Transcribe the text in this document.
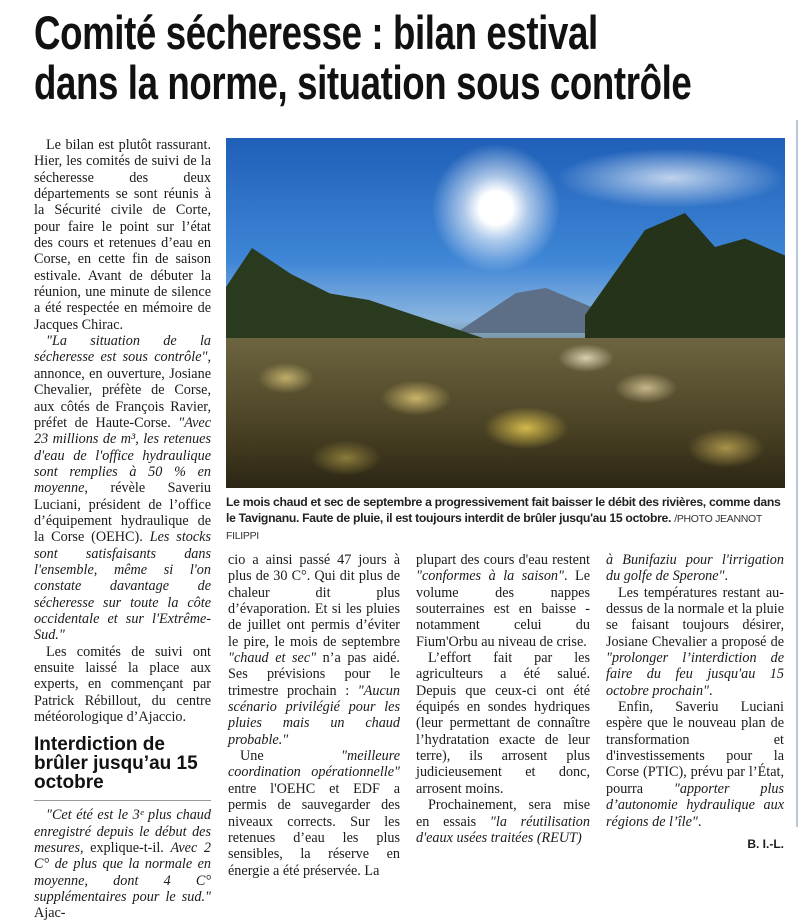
Comité sécheresse : bilan estival
dans la norme, situation sous contrôle

Le bilan est plutôt rassurant. Hier, les comités de suivi de la sécheresse des deux départements se sont réunis à la Sécurité civile de Corte, pour faire le point sur l’état des cours et retenues d’eau en Corse, en cette fin de saison estivale. Avant de débuter la réunion, une minute de silence a été respectée en mémoire de Jacques Chirac.

"La situation de la sécheresse est sous contrôle", annonce, en ouverture, Josiane Chevalier, préfète de Corse, aux côtés de François Ravier, préfet de Haute-Corse. "Avec 23 millions de m³, les retenues d'eau de l'office hydraulique sont remplies à 50 % en moyenne, révèle Saveriu Luciani, président de l’office d’équipement hydraulique de la Corse (OEHC). Les stocks sont satisfaisants dans l'ensemble, même si l'on constate davantage de sécheresse sur toute la côte occidentale et sur l'Extrême-Sud."

Les comités de suivi ont ensuite laissé la place aux experts, en commençant par Patrick Rébillout, du centre météorologique d’Ajaccio.

Interdiction de brûler jusqu’au 15 octobre

"Cet été est le 3ᵉ plus chaud enregistré depuis le début des mesures, explique-t-il. Avec 2 C° de plus que la normale en moyenne, dont 4 C° supplémentaires pour le sud." Ajac-

Le mois chaud et sec de septembre a progressivement fait baisser le débit des rivières, comme dans le Tavignanu. Faute de pluie, il est toujours interdit de brûler jusqu'au 15 octobre. /PHOTO JEANNOT FILIPPI

cio a ainsi passé 47 jours à plus de 30 C°. Qui dit plus de chaleur dit plus d’évaporation. Et si les pluies de juillet ont permis d’éviter le pire, le mois de septembre "chaud et sec" n’a pas aidé. Ses prévisions pour le trimestre prochain : "Aucun scénario privilégié pour les pluies mais un chaud probable."

Une "meilleure coordination opérationnelle" entre l'OEHC et EDF a permis de sauvegarder des niveaux corrects. Sur les retenues d’eau les plus sensibles, la réserve en énergie a été préservée. La

plupart des cours d'eau restent "conformes à la saison". Le volume des nappes souterraines est en baisse - notamment celui du Fium'Orbu au niveau de crise.

L’effort fait par les agriculteurs a été salué. Depuis que ceux-ci ont été équipés en sondes hydriques (leur permettant de connaître l’hydratation exacte de leur terre), ils arrosent plus judicieusement et donc, arrosent moins.

Prochainement, sera mise en essais "la réutilisation d'eaux usées traitées (REUT)

à Bunifaziu pour l'irrigation du golfe de Sperone".

Les températures restant au-dessus de la normale et la pluie se faisant toujours désirer, Josiane Chevalier a proposé de "prolonger l’interdiction de faire du feu jusqu'au 15 octobre prochain".

Enfin, Saveriu Luciani espère que le nouveau plan de transformation et d'investissements pour la Corse (PTIC), prévu par l’État, pourra "apporter plus d’autonomie hydraulique aux régions de l’île".

B. I.-L.
